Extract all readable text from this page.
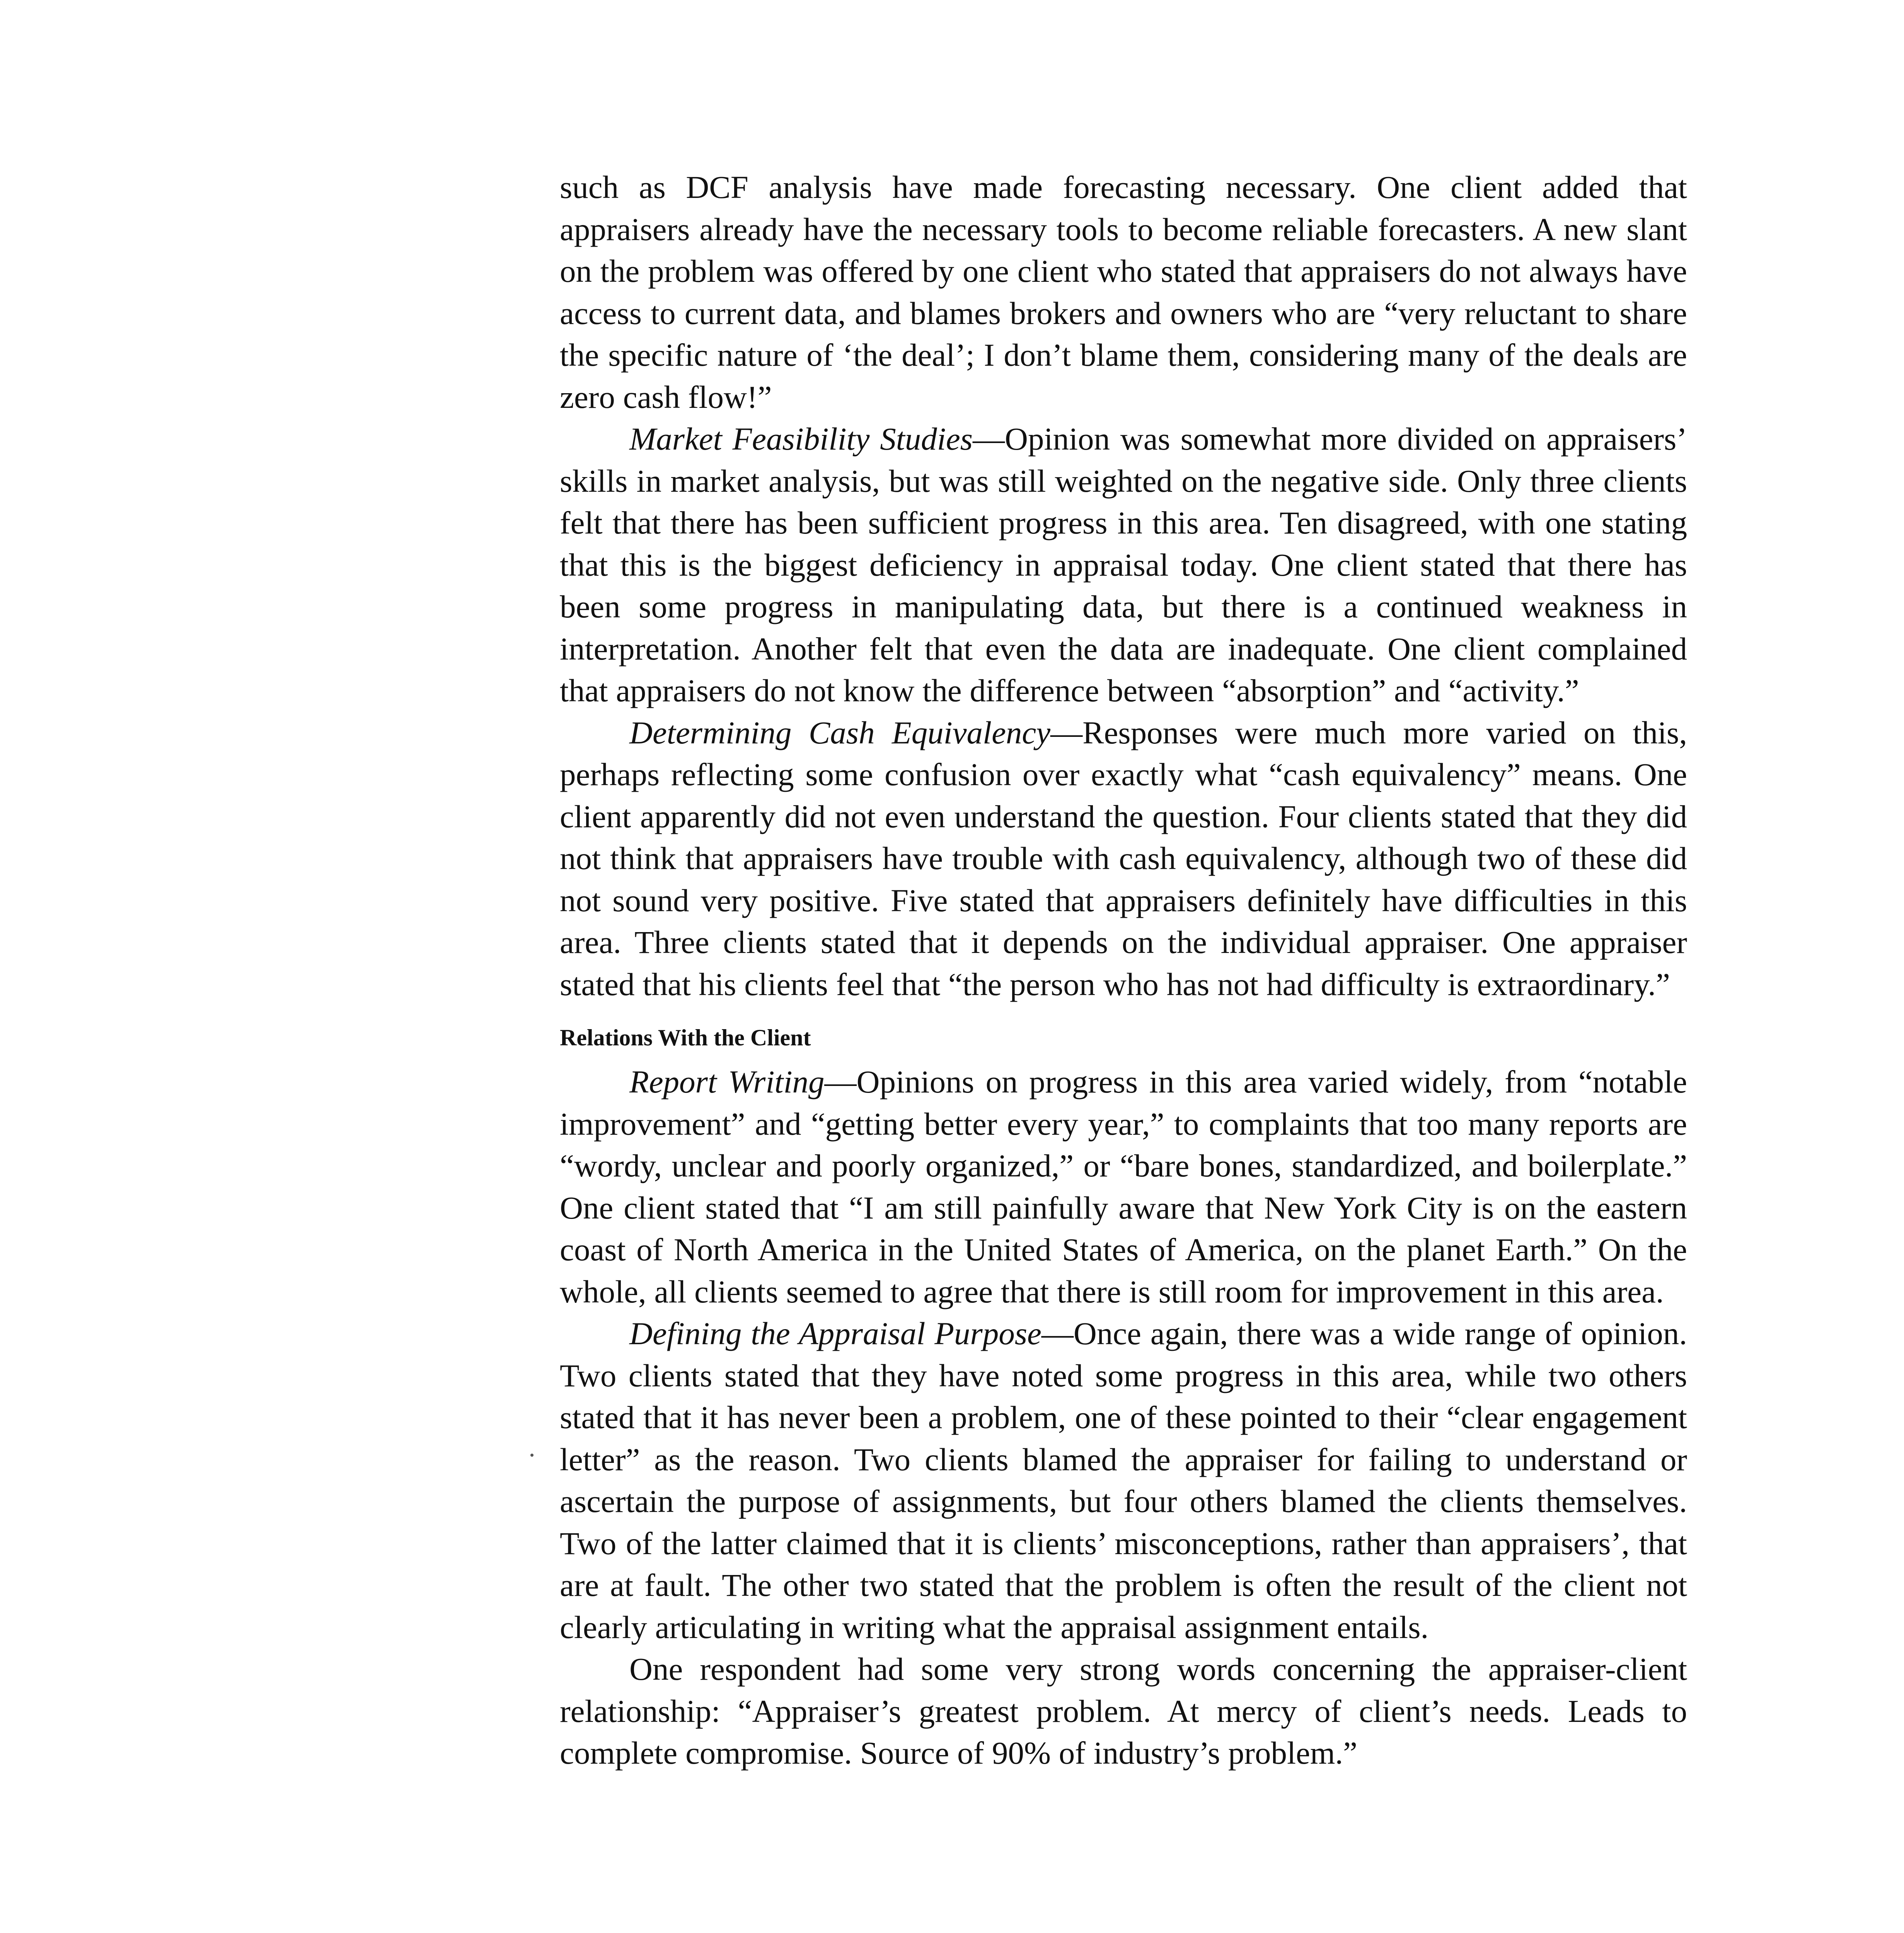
such as DCF analysis have made forecasting necessary. One client added that appraisers already have the necessary tools to become reliable forecasters. A new slant on the problem was offered by one client who stated that appraisers do not always have access to current data, and blames brokers and owners who are “very reluctant to share the specific nature of ‘the deal’; I don’t blame them, considering many of the deals are zero cash flow!”

Market Feasibility Studies—Opinion was somewhat more divided on appraisers’ skills in market analysis, but was still weighted on the negative side. Only three clients felt that there has been sufficient progress in this area. Ten disagreed, with one stating that this is the biggest deficiency in appraisal today. One client stated that there has been some progress in manipulating data, but there is a continued weakness in interpretation. Another felt that even the data are inadequate. One client complained that appraisers do not know the difference between “absorption” and “activity.”

Determining Cash Equivalency—Responses were much more varied on this, perhaps reflecting some confusion over exactly what “cash equivalency” means. One client apparently did not even understand the question. Four clients stated that they did not think that appraisers have trouble with cash equivalency, although two of these did not sound very positive. Five stated that appraisers definitely have difficulties in this area. Three clients stated that it depends on the individual appraiser. One appraiser stated that his clients feel that “the person who has not had difficulty is extraordinary.”

Relations With the Client

Report Writing—Opinions on progress in this area varied widely, from “notable improvement” and “getting better every year,” to complaints that too many reports are “wordy, unclear and poorly organized,” or “bare bones, standardized, and boilerplate.” One client stated that “I am still painfully aware that New York City is on the eastern coast of North America in the United States of America, on the planet Earth.” On the whole, all clients seemed to agree that there is still room for improvement in this area.

Defining the Appraisal Purpose—Once again, there was a wide range of opinion. Two clients stated that they have noted some progress in this area, while two others stated that it has never been a problem, one of these pointed to their “clear engagement letter” as the reason. Two clients blamed the appraiser for failing to understand or ascertain the purpose of assignments, but four others blamed the clients themselves. Two of the latter claimed that it is clients’ misconceptions, rather than appraisers’, that are at fault. The other two stated that the problem is often the result of the client not clearly articulating in writing what the appraisal assignment entails.

One respondent had some very strong words concerning the appraiser-client relationship: “Appraiser’s greatest problem. At mercy of client’s needs. Leads to complete compromise. Source of 90% of industry’s problem.”
